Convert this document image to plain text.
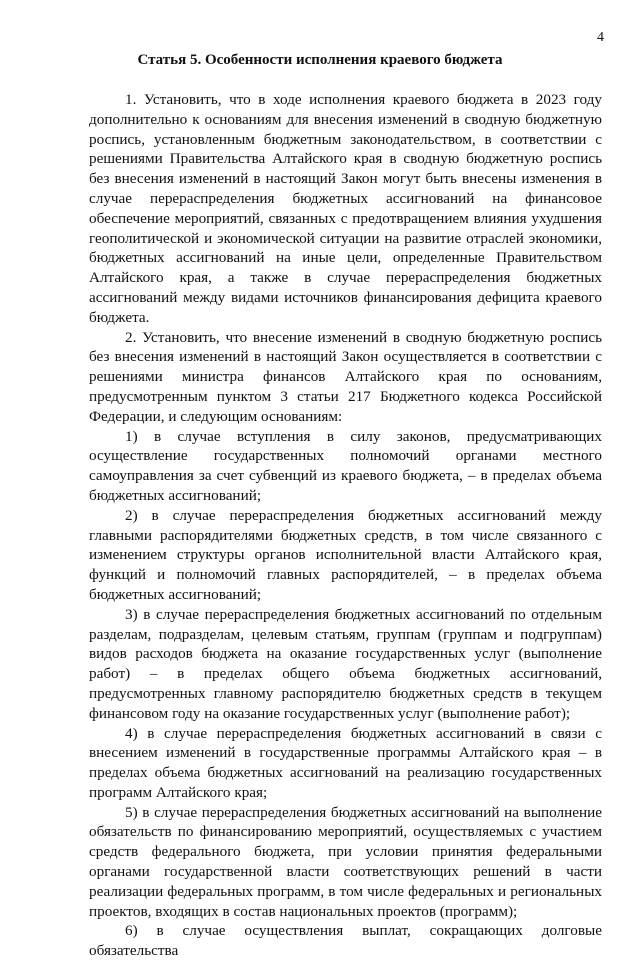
4
Статья 5. Особенности исполнения краевого бюджета

1. Установить, что в ходе исполнения краевого бюджета в 2023 году дополнительно к основаниям для внесения изменений в сводную бюджетную роспись, установленным бюджетным законодательством, в соответствии с решениями Правительства Алтайского края в сводную бюджетную роспись без внесения изменений в настоящий Закон могут быть внесены изменения в случае перераспределения бюджетных ассигнований на финансовое обеспечение мероприятий, связанных с предотвращением влияния ухудшения геополитической и экономической ситуации на развитие отраслей экономики, бюджетных ассигнований на иные цели, определенные Правительством Алтайского края, а также в случае перераспределения бюджетных ассигнований между видами источников финансирования дефицита краевого бюджета.

2. Установить, что внесение изменений в сводную бюджетную роспись без внесения изменений в настоящий Закон осуществляется в соответствии с решениями министра финансов Алтайского края по основаниям, предусмотренным пунктом 3 статьи 217 Бюджетного кодекса Российской Федерации, и следующим основаниям:

1) в случае вступления в силу законов, предусматривающих осуществление государственных полномочий органами местного самоуправления за счет субвенций из краевого бюджета, – в пределах объема бюджетных ассигнований;

2) в случае перераспределения бюджетных ассигнований между главными распорядителями бюджетных средств, в том числе связанного с изменением структуры органов исполнительной власти Алтайского края, функций и полномочий главных распорядителей, – в пределах объема бюджетных ассигнований;

3) в случае перераспределения бюджетных ассигнований по отдельным разделам, подразделам, целевым статьям, группам (группам и подгруппам) видов расходов бюджета на оказание государственных услуг (выполнение работ) – в пределах общего объема бюджетных ассигнований, предусмотренных главному распорядителю бюджетных средств в текущем финансовом году на оказание государственных услуг (выполнение работ);

4) в случае перераспределения бюджетных ассигнований в связи с внесением изменений в государственные программы Алтайского края – в пределах объема бюджетных ассигнований на реализацию государственных программ Алтайского края;

5) в случае перераспределения бюджетных ассигнований на выполнение обязательств по финансированию мероприятий, осуществляемых с участием средств федерального бюджета, при условии принятия федеральными органами государственной власти соответствующих решений в части реализации федеральных программ, в том числе федеральных и региональных проектов, входящих в состав национальных проектов (программ);

6) в случае осуществления выплат, сокращающих долговые обязательства
